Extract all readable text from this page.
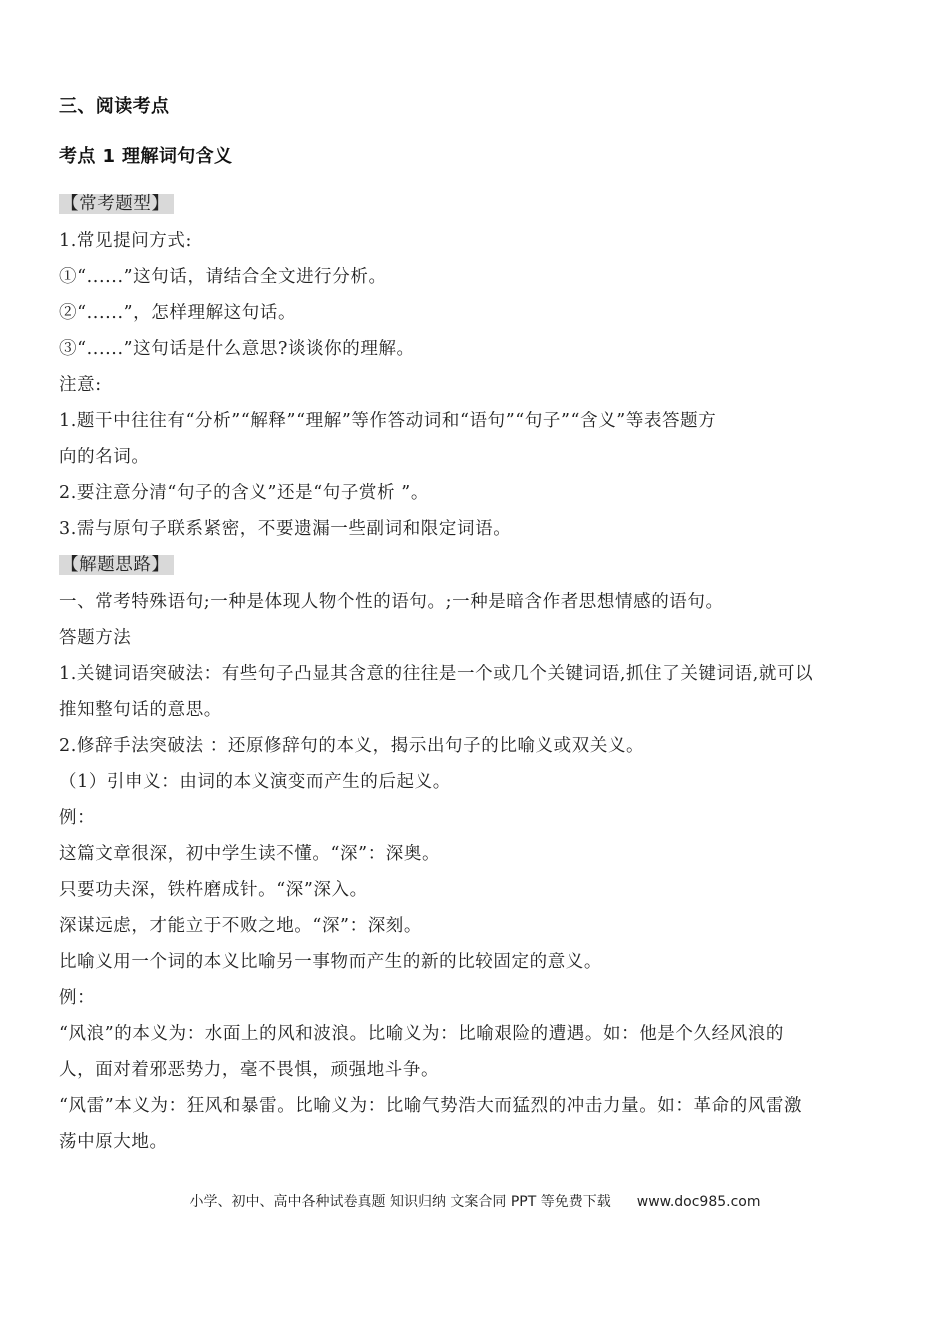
三、阅读考点
考点 1 理解词句含义
【常考题型】
1.常见提问方式:
①“......”这句话，请结合全文进行分析。
②“......”，怎样理解这句话。
③“......”这句话是什么意思?谈谈你的理解。
注意:
1.题干中往往有“分析”“解释”“理解”等作答动词和“语句”“句子”“含义”等表答题方
向的名词。
2.要注意分清“句子的含义”还是“句子赏析 ”。
3.需与原句子联系紧密，不要遗漏一些副词和限定词语。
【解题思路】
一、常考特殊语句;一种是体现人物个性的语句。;一种是暗含作者思想情感的语句。
答题方法
1.关键词语突破法：有些句子凸显其含意的往往是一个或几个关键词语,抓住了关键词语,就可以
推知整句话的意思。
2.修辞手法突破法 ：还原修辞句的本义，揭示出句子的比喻义或双关义。
（1）引申义：由词的本义演变而产生的后起义。
例：
这篇文章很深，初中学生读不懂。“深”：深奥。
只要功夫深，铁杵磨成针。“深”深入。
深谋远虑，才能立于不败之地。“深”：深刻。
比喻义用一个词的本义比喻另一事物而产生的新的比较固定的意义。
例：
“风浪”的本义为：水面上的风和波浪。比喻义为：比喻艰险的遭遇。如：他是个久经风浪的
人，面对着邪恶势力，毫不畏惧，顽强地斗争。
“风雷”本义为：狂风和暴雷。比喻义为：比喻气势浩大而猛烈的冲击力量。如：革命的风雷激
荡中原大地。
小学、初中、高中各种试卷真题 知识归纳 文案合同 PPT 等免费下载 www.doc985.com
